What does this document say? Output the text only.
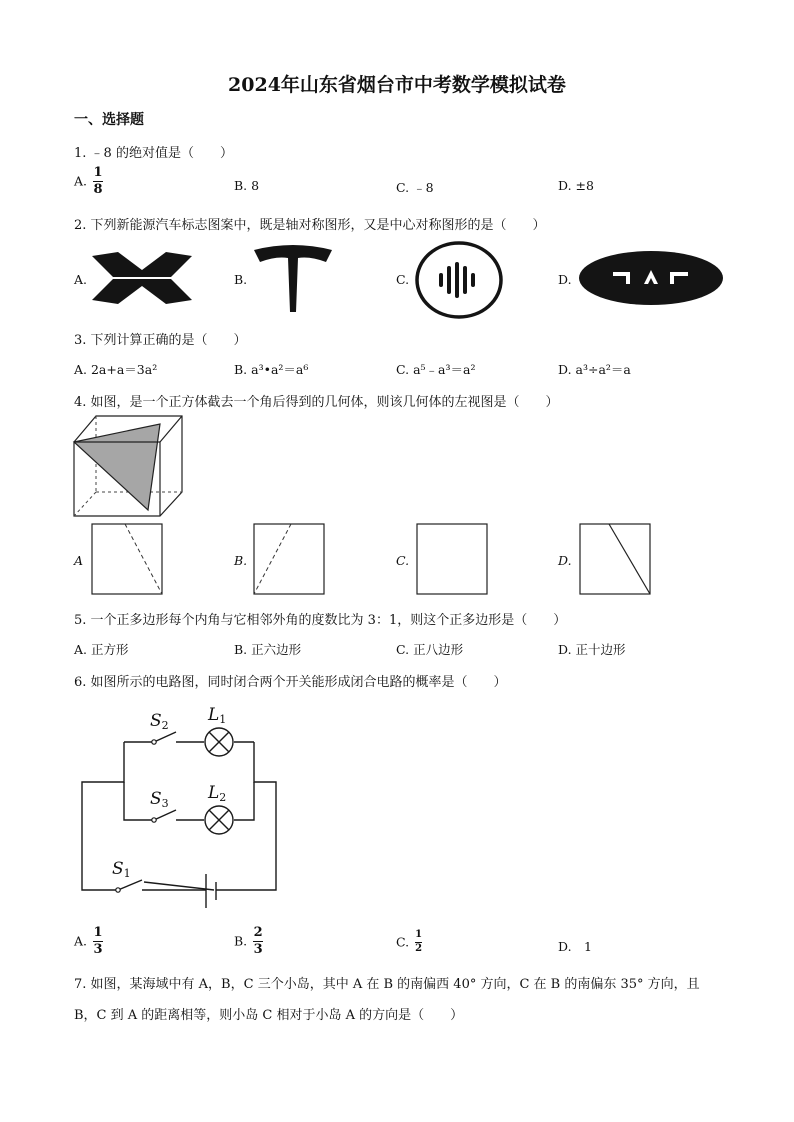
2024年山东省烟台市中考数学模拟试卷
一、选择题
1. ﹣8 的绝对值是（　　）
A. $\frac{1}{8}$	B. 8	C. ﹣8	D. ±8
2. 下列新能源汽车标志图案中，既是轴对称图形，又是中心对称图形的是（　　）
A.	B.	C.	D.
3. 下列计算正确的是（　　）
A. 2a+a＝3a²	B. a³•a²＝a⁶	C. a⁵﹣a³＝a²	D. a³÷a²＝a
4. 如图，是一个正方体截去一个角后得到的几何体，则该几何体的左视图是（　　）
A	B.	C.	D.
5. 一个正多边形每个内角与它相邻外角的度数比为 3：1，则这个正多边形是（　　）
A. 正方形	B. 正六边形	C. 正八边形	D. 正十边形
6. 如图所示的电路图，同时闭合两个开关能形成闭合电路的概率是（　　）
S2
L1
S3
L2
S1
A. $\frac{1}{3}$	B. $\frac{2}{3}$	C. $\frac{1}{2}$	D.　1
7. 如图，某海域中有 A，B，C 三个小岛，其中 A 在 B 的南偏西 40° 方向，C 在 B 的南偏东 35° 方向，且
B，C 到 A 的距离相等，则小岛 C 相对于小岛 A 的方向是（　　）
